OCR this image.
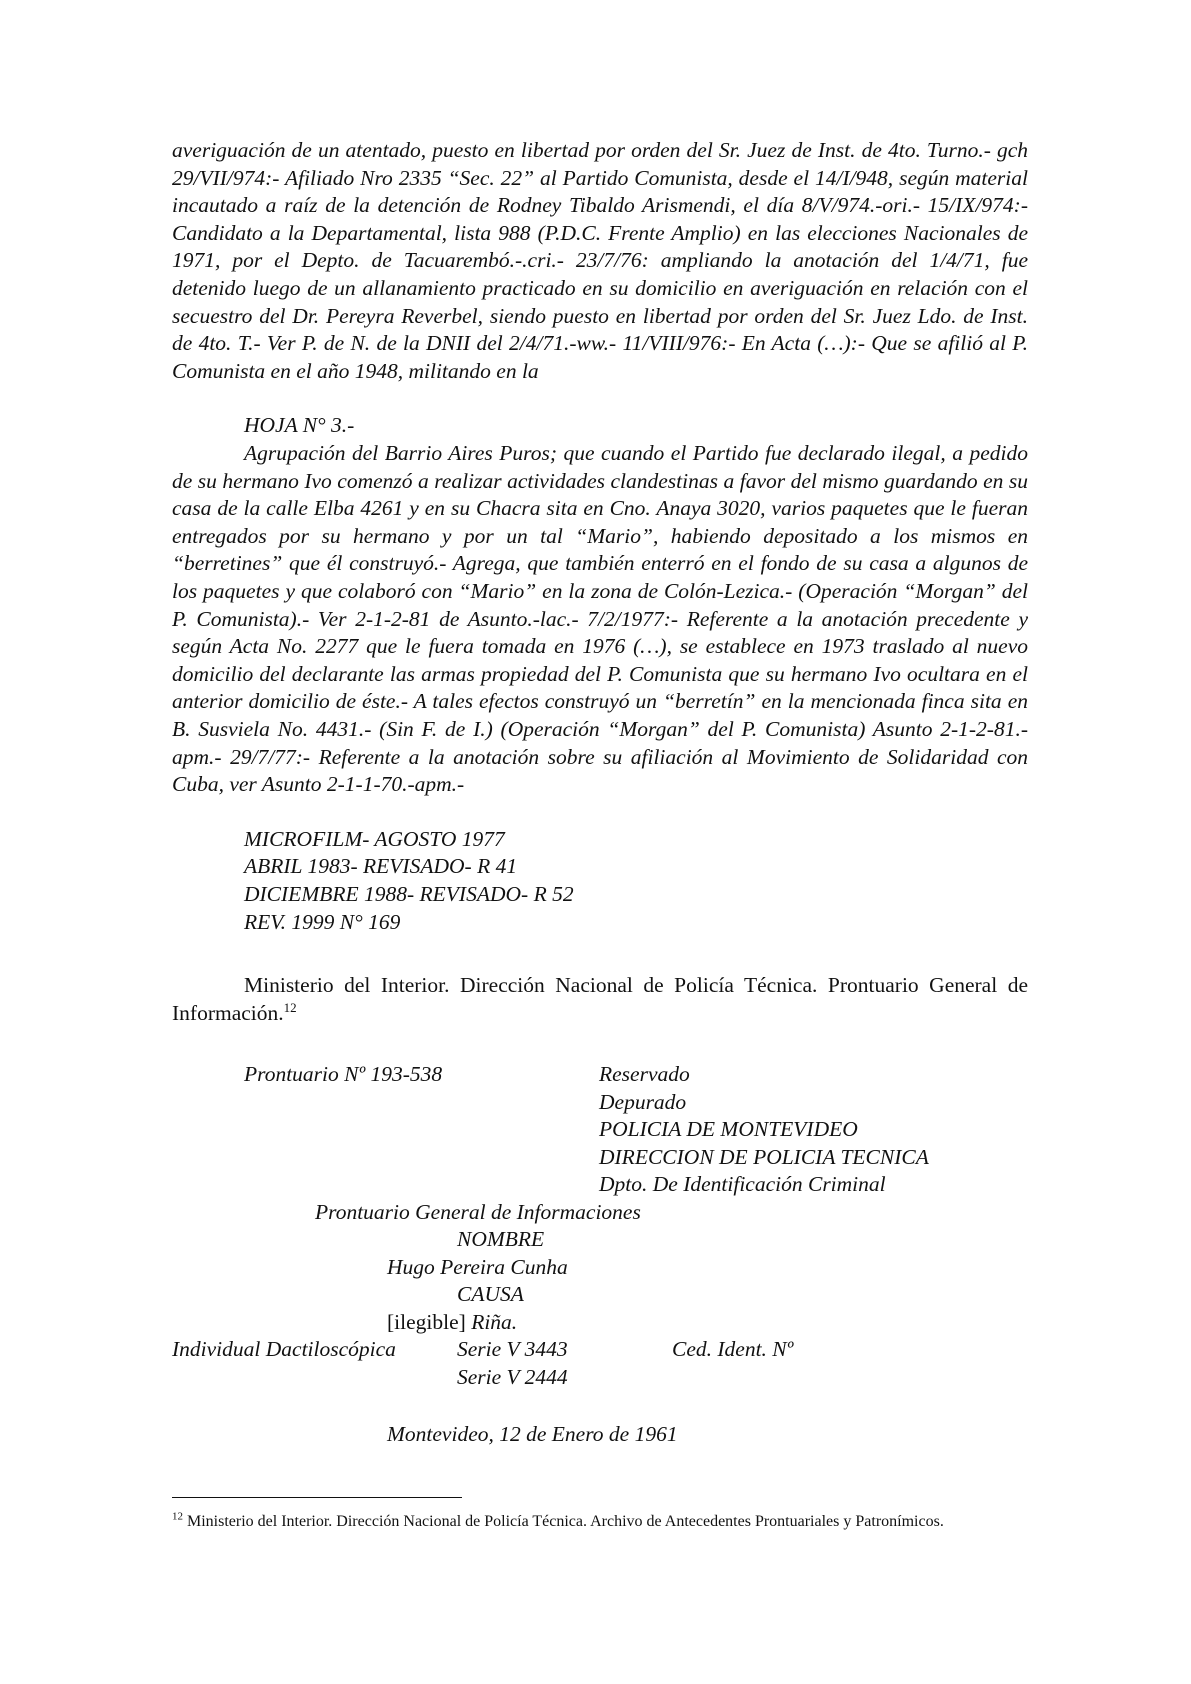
averiguación de un atentado, puesto en libertad por orden del Sr. Juez de Inst. de 4to. Turno.- gch 29/VII/974:- Afiliado Nro 2335 “Sec. 22” al Partido Comunista, desde el 14/I/948, según material incautado a raíz de la detención de Rodney Tibaldo Arismendi, el día 8/V/974.-ori.- 15/IX/974:- Candidato a la Departamental, lista 988 (P.D.C. Frente Amplio) en las elecciones Nacionales de 1971, por el Depto. de Tacuarembó.-.cri.- 23/7/76: ampliando la anotación del 1/4/71, fue detenido luego de un allanamiento practicado en su domicilio en averiguación en relación con el secuestro del Dr. Pereyra Reverbel, siendo puesto en libertad por orden del Sr. Juez Ldo. de Inst. de 4to. T.- Ver P. de N. de la DNII del 2/4/71.-ww.- 11/VIII/976:- En Acta (…):- Que se afilió al P. Comunista en el año 1948, militando en la
HOJA N° 3.-
Agrupación del Barrio Aires Puros; que cuando el Partido fue declarado ilegal, a pedido de su hermano Ivo comenzó a realizar actividades clandestinas a favor del mismo guardando en su casa de la calle Elba 4261 y en su Chacra sita en Cno. Anaya 3020, varios paquetes que le fueran entregados por su hermano y por un tal “Mario”, habiendo depositado a los mismos en “berretines” que él construyó.- Agrega, que también enterró en el fondo de su casa a algunos de los paquetes y que colaboró con “Mario” en la zona de Colón-Lezica.- (Operación “Morgan” del P. Comunista).- Ver 2-1-2-81 de Asunto.-lac.- 7/2/1977:- Referente a la anotación precedente y según Acta No. 2277 que le fuera tomada en 1976 (…), se establece en 1973 traslado al nuevo domicilio del declarante las armas propiedad del P. Comunista que su hermano Ivo ocultara en el anterior domicilio de éste.- A tales efectos construyó un “berretín” en la mencionada finca sita en B. Susviela No. 4431.- (Sin F. de I.) (Operación “Morgan” del P. Comunista) Asunto 2-1-2-81.-apm.- 29/7/77:- Referente a la anotación sobre su afiliación al Movimiento de Solidaridad con Cuba, ver Asunto 2-1-1-70.-apm.-
MICROFILM- AGOSTO 1977
ABRIL 1983- REVISADO- R 41
DICIEMBRE 1988- REVISADO- R 52
REV. 1999 N° 169
Ministerio del Interior. Dirección Nacional de Policía Técnica. Prontuario General de Información.$^{12}$
Prontuario Nº 193-538	Reservado
Depurado
POLICIA DE MONTEVIDEO
DIRECCION DE POLICIA TECNICA
Dpto. De Identificación Criminal
Prontuario General de Informaciones
NOMBRE
Hugo Pereira Cunha
CAUSA
[ilegible] Riña.
Individual Dactiloscópica	Serie V 3443	Ced. Ident. Nº
Serie V 2444
Montevideo, 12 de Enero de 1961
$^{12}$ Ministerio del Interior. Dirección Nacional de Policía Técnica. Archivo de Antecedentes Prontuariales y Patronímicos.
